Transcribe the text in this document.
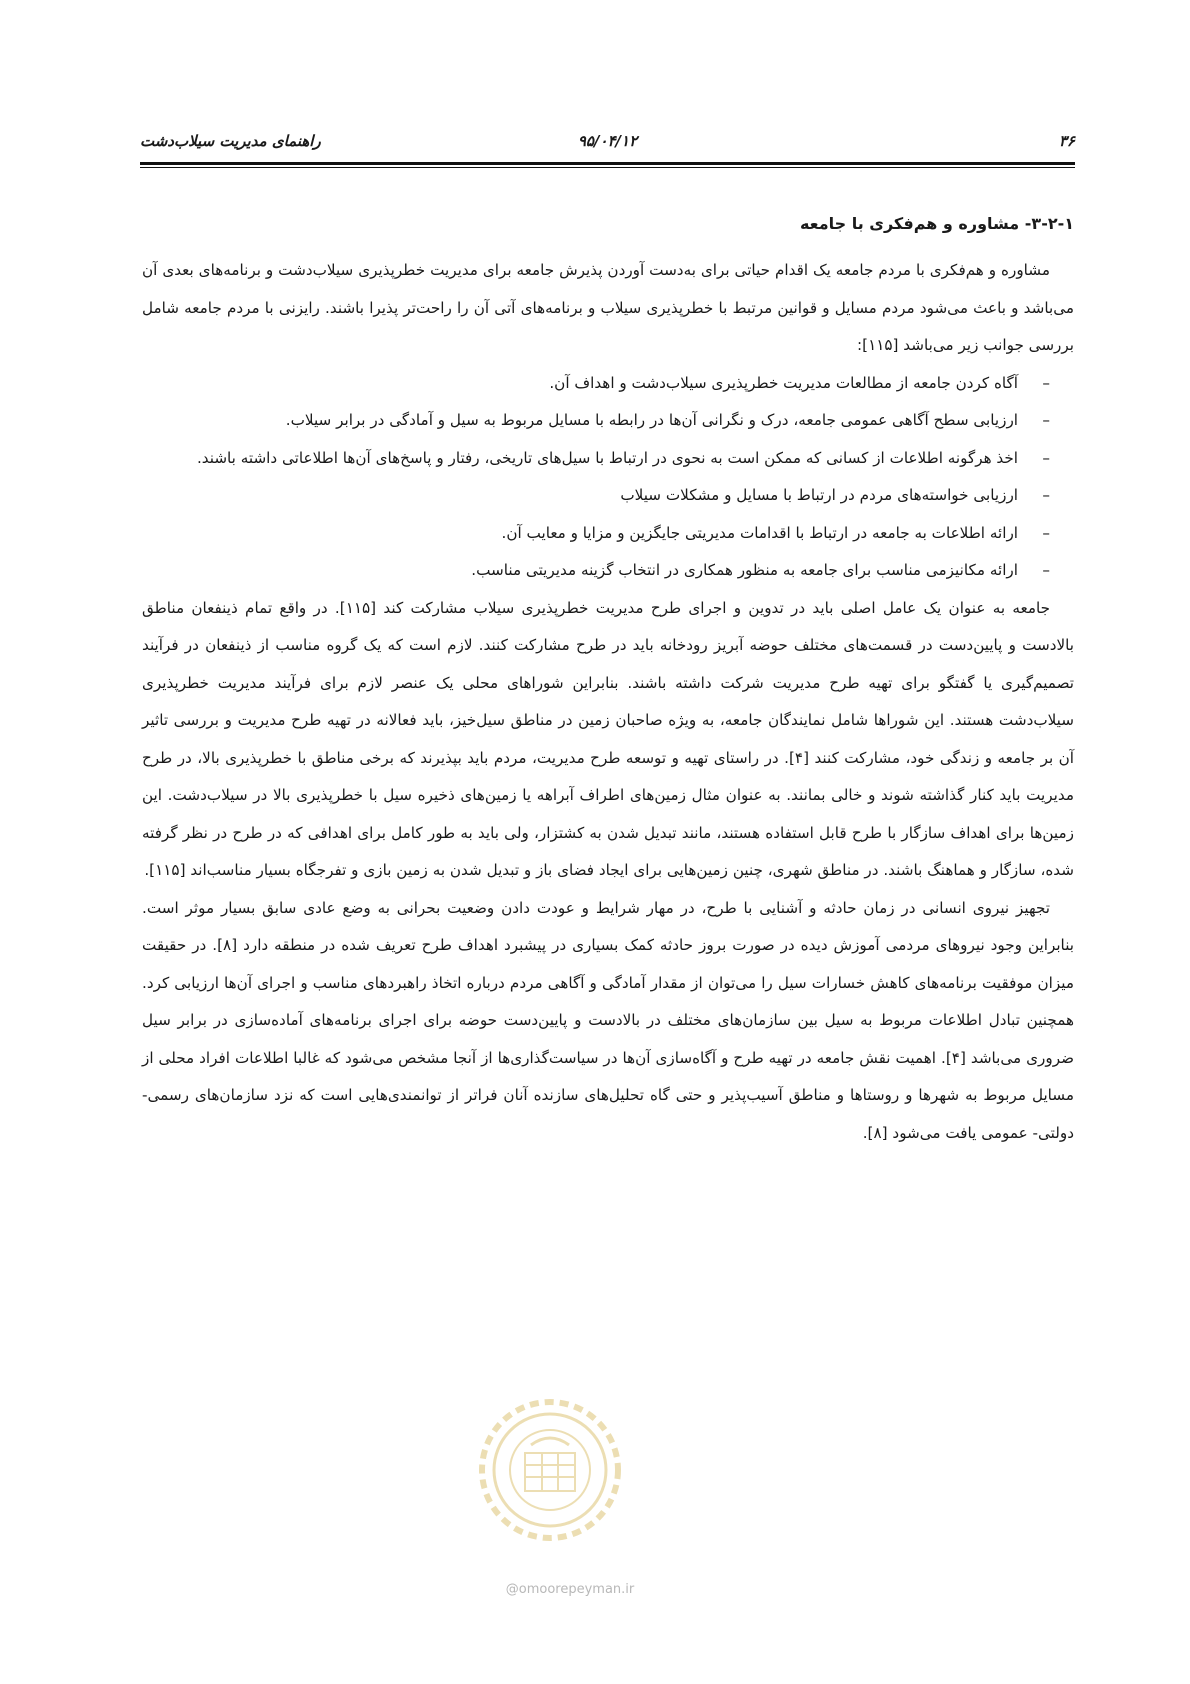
۳۶
۹۵/۰۴/۱۲
راهنمای مدیریت سیلاب‌دشت
۳-۲-۱- مشاوره و هم‌فکری با جامعه

مشاوره و هم‌فکری با مردم جامعه یک اقدام حیاتی برای به‌دست آوردن پذیرش جامعه برای مدیریت خطرپذیری سیلاب‌دشت و برنامه‌های بعدی آن می‌باشد و باعث می‌شود مردم مسایل و قوانین مرتبط با خطرپذیری سیلاب و برنامه‌های آتی آن را راحت‌تر پذیرا باشند. رایزنی با مردم جامعه شامل بررسی جوانب زیر می‌باشد [۱۱۵]:

– آگاه کردن جامعه از مطالعات مدیریت خطرپذیری سیلاب‌دشت و اهداف آن.
– ارزیابی سطح آگاهی عمومی جامعه، درک و نگرانی آن‌ها در رابطه با مسایل مربوط به سیل و آمادگی در برابر سیلاب.
– اخذ هرگونه اطلاعات از کسانی که ممکن است به نحوی در ارتباط با سیل‌های تاریخی، رفتار و پاسخ‌های آن‌ها اطلاعاتی داشته باشند.
– ارزیابی خواسته‌های مردم در ارتباط با مسایل و مشکلات سیلاب
– ارائه اطلاعات به جامعه در ارتباط با اقدامات مدیریتی جایگزین و مزایا و معایب آن.
– ارائه مکانیزمی مناسب برای جامعه به منظور همکاری در انتخاب گزینه مدیریتی مناسب.

جامعه به عنوان یک عامل اصلی باید در تدوین و اجرای طرح مدیریت خطرپذیری سیلاب مشارکت کند [۱۱۵]. در واقع تمام ذینفعان مناطق بالادست و پایین‌دست در قسمت‌های مختلف حوضه آبریز رودخانه باید در طرح مشارکت کنند. لازم است که یک گروه مناسب از ذینفعان در فرآیند تصمیم‌گیری یا گفتگو برای تهیه طرح مدیریت شرکت داشته باشند. بنابراین شوراهای محلی یک عنصر لازم برای فرآیند مدیریت خطرپذیری سیلاب‌دشت هستند. این شوراها شامل نمایندگان جامعه، به ویژه صاحبان زمین در مناطق سیل‌خیز، باید فعالانه در تهیه طرح مدیریت و بررسی تاثیر آن بر جامعه و زندگی خود، مشارکت کنند [۴]. در راستای تهیه و توسعه طرح مدیریت، مردم باید بپذیرند که برخی مناطق با خطرپذیری بالا، در طرح مدیریت باید کنار گذاشته شوند و خالی بمانند. به عنوان مثال زمین‌های اطراف آبراهه یا زمین‌های ذخیره سیل با خطرپذیری بالا در سیلاب‌دشت. این زمین‌ها برای اهداف سازگار با طرح قابل استفاده هستند، مانند تبدیل شدن به کشتزار، ولی باید به طور کامل برای اهدافی که در طرح در نظر گرفته شده، سازگار و هماهنگ باشند. در مناطق شهری، چنین زمین‌هایی برای ایجاد فضای باز و تبدیل شدن به زمین بازی و تفرجگاه بسیار مناسب‌اند [۱۱۵].

تجهیز نیروی انسانی در زمان حادثه و آشنایی با طرح، در مهار شرایط و عودت دادن وضعیت بحرانی به وضع عادی سابق بسیار موثر است. بنابراین وجود نیروهای مردمی آموزش دیده در صورت بروز حادثه کمک بسیاری در پیشبرد اهداف طرح تعریف شده در منطقه دارد [۸]. در حقیقت میزان موفقیت برنامه‌های کاهش خسارات سیل را می‌توان از مقدار آمادگی و آگاهی مردم درباره اتخاذ راهبردهای مناسب و اجرای آن‌ها ارزیابی کرد. همچنین تبادل اطلاعات مربوط به سیل بین سازمان‌های مختلف در بالادست و پایین‌دست حوضه برای اجرای برنامه‌های آماده‌سازی در برابر سیل ضروری می‌باشد [۴]. اهمیت نقش جامعه در تهیه طرح و آگاه‌سازی آن‌ها در سیاست‌گذاری‌ها از آنجا مشخص می‌شود که غالبا اطلاعات افراد محلی از مسایل مربوط به شهرها و روستاها و مناطق آسیب‌پذیر و حتی گاه تحلیل‌های سازنده آنان فراتر از توانمندی‌هایی است که نزد سازمان‌های رسمی- دولتی- عمومی یافت می‌شود [۸].

@omoorepeyman.ir
